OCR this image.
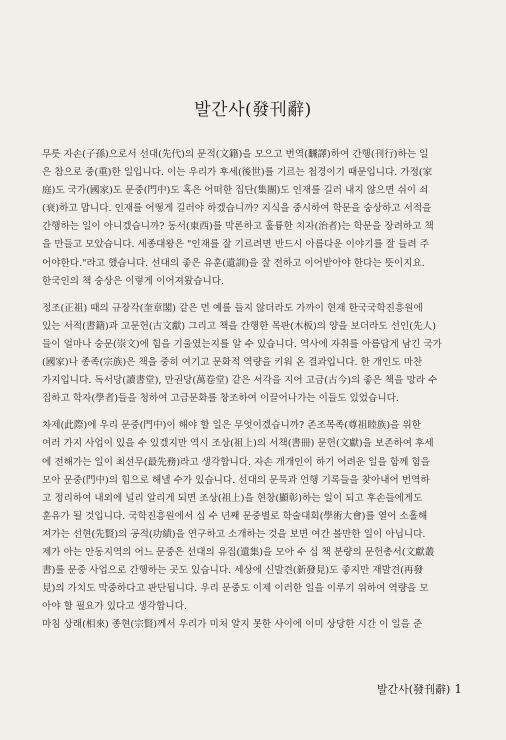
발간사(發刊辭)
무릇 자손(子孫)으로서 선대(先代)의 문적(文籍)을 모으고 번역(飜譯)하여 간행(刊行)하는 일
은 참으로 중(重)한 일입니다. 이는 우리가 후세(後世)를 기르는 첩경이기 때문입니다. 가정(家
庭)도 국가(國家)도 문중(門中)도 혹은 어떠한 집단(集團)도 인재를 길러 내지 않으면 쉬이 쇠
(衰)하고 맙니다. 인재를 어떻게 길러야 하겠습니까? 지식을 중시하여 학문을 숭상하고 서적을
간행하는 일이 아니겠습니까? 동서(東西)를 막론하고 훌륭한 치자(治者)는 학문을 장려하고 책
을 만들고 모았습니다. 세종대왕은 "인재를 잘 기르려면 반드시 아름다운 이야기를 잘 들려 주
어야한다."라고 했습니다. 선대의 좋은 유훈(遺訓)을 잘 전하고 이어받아야 한다는 뜻이지요.
한국인의 책 숭상은 이렇게 이어져왔습니다.
정조(正祖) 때의 규장각(奎章閣) 같은 먼 예를 들지 않더라도 가까이 현재 한국국학진흥원에
있는 서적(書籍)과 고문헌(古文獻) 그리고 책을 간행한 목판(木板)의 양을 보더라도 선인(先人)
들이 얼마나 숭문(崇文)에 힘을 기울였는지를 알 수 있습니다. 역사에 자취를 아름답게 남긴 국가
(國家)나 종족(宗族)은 책을 중히 여기고 문화적 역량을 키워 온 결과입니다. 한 개인도 마찬
가지입니다. 독서당(讀書堂), 만권당(萬卷堂) 같은 서각을 지어 고금(古今)의 좋은 책을 망라 수
집하고 학자(學者)들을 청하여 고급문화를 창조하여 이끌어나가는 이들도 있었습니다.
차제(此際)에 우리 문중(門中)이 해야 할 일은 무엇이겠습니까? 존조목족(尊祖睦族)을 위한
여러 가지 사업이 있을 수 있겠지만 역시 조상(祖上)의 서책(書冊) 문헌(文獻)을 보존하여 후세
에 전해가는 일이 최선무(最先務)라고 생각합니다. 자손 개개인이 하기 어려운 일을 함께 힘을
모아 문중(門中)의 힘으로 해낼 수가 있습니다. 선대의 문묵과 언행 기록들을 찾아내어 번역하
고 정리하여 내외에 널리 알리게 되면 조상(祖上)을 현창(顯彰)하는 일이 되고 후손들에게도
훈유가 될 것입니다. 국학진흥원에서 십 수 년째 문중별로 학술대회(學術大會)를 열어 소홀해
져가는 선현(先賢)의 공적(功績)을 연구하고 소개하는 것을 보면 여간 볼만한 일이 아닙니다.
제가 아는 안동지역의 어느 문중은 선대의 유집(遺集)을 모아 수 십 책 분량의 문헌총서(文獻叢
書)를 문중 사업으로 간행하는 곳도 있습니다. 세상에 신발견(新發見)도 좋지만 재발견(再發
見)의 가치도 막중하다고 판단됩니다. 우리 문중도 이제 이러한 일을 이루기 위하여 역량을 모
아야 할 필요가 있다고 생각합니다.
마침 상래(相來) 종현(宗賢)께서 우리가 미처 알지 못한 사이에 이미 상당한 시간 이 일을 준
발간사(發刊辭) 1
